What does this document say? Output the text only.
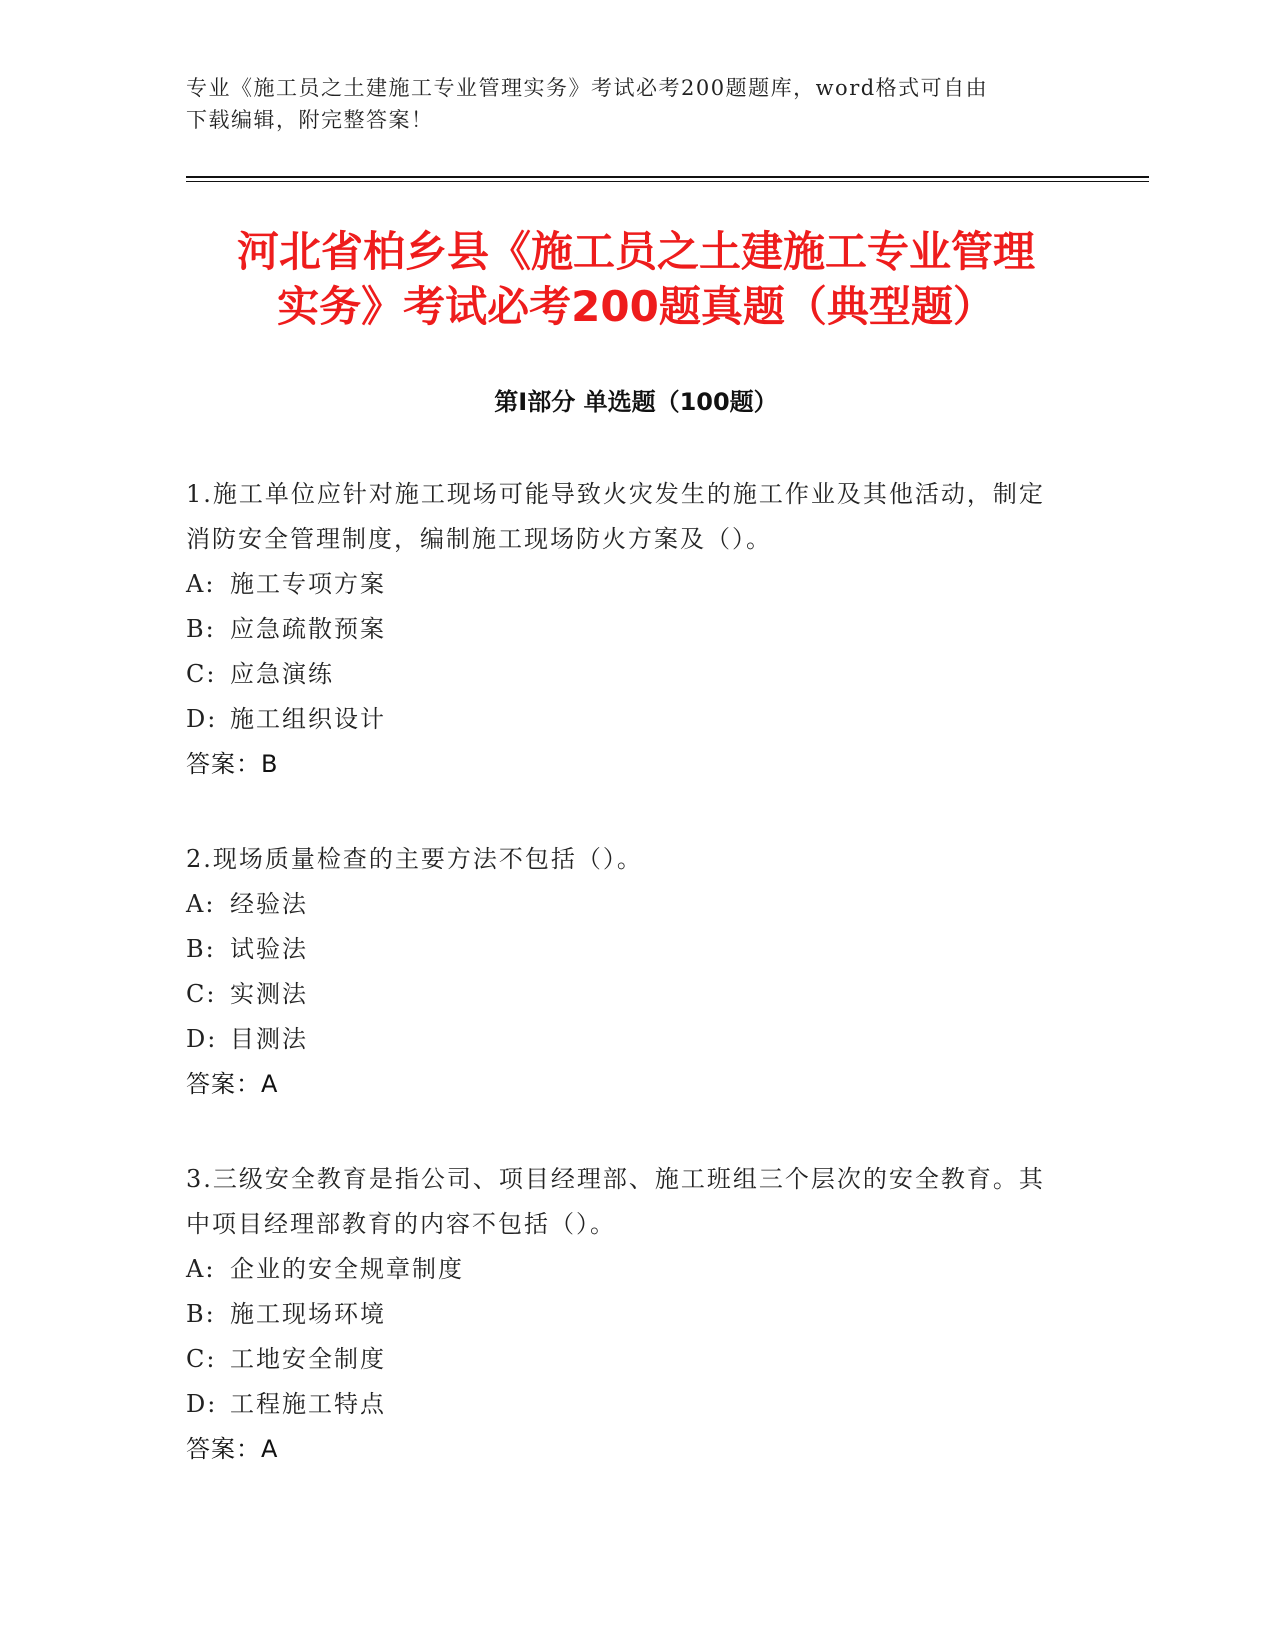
专业《施工员之土建施工专业管理实务》考试必考200题题库，word格式可自由

下载编辑，附完整答案！

河北省柏乡县《施工员之土建施工专业管理
实务》考试必考200题真题（典型题）
第Ⅰ部分 单选题（100题）

1.施工单位应针对施工现场可能导致火灾发生的施工作业及其他活动，制定消防安全管理制度，编制施工现场防火方案及（）。

A: 施工专项方案

B: 应急疏散预案

C: 应急演练

D: 施工组织设计

答案：B

2.现场质量检查的主要方法不包括（）。

A: 经验法

B: 试验法

C: 实测法

D: 目测法

答案：A

3.三级安全教育是指公司、项目经理部、施工班组三个层次的安全教育。其中项目经理部教育的内容不包括（）。

A: 企业的安全规章制度

B: 施工现场环境

C: 工地安全制度

D: 工程施工特点

答案：A
